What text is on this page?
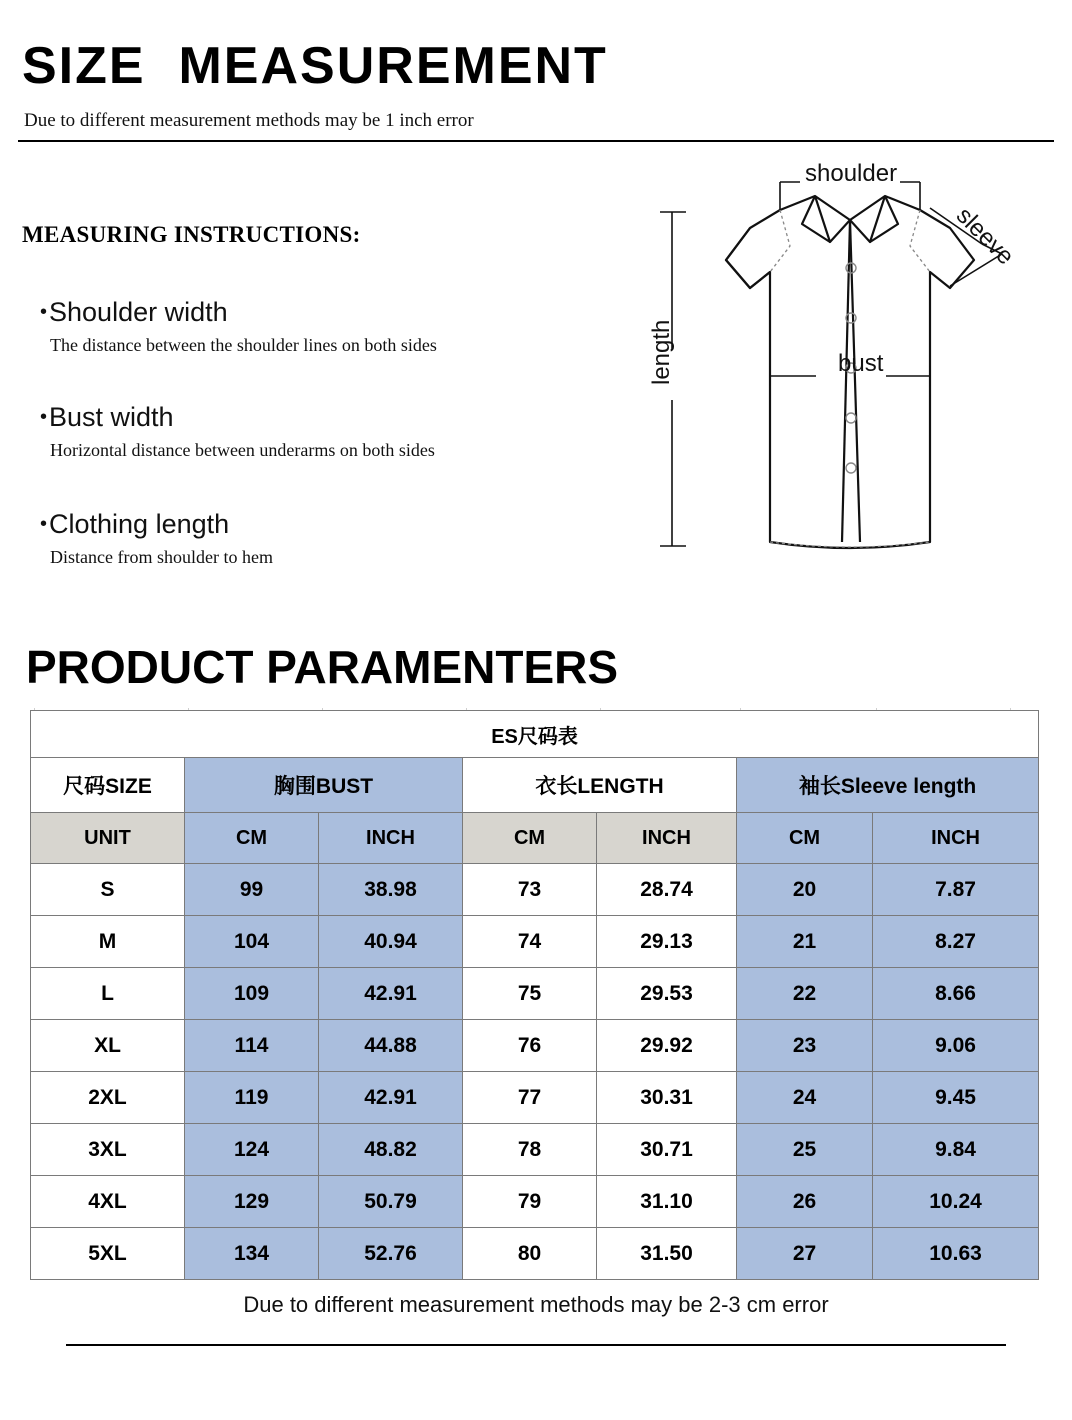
SIZE  MEASUREMENT
Due to different measurement methods may be 1 inch error
MEASURING INSTRUCTIONS:
• Shoulder width
The distance between the shoulder lines on both sides
• Bust width
Horizontal distance between underarms on both sides
• Clothing length
Distance from shoulder to hem
shoulder
sleeve
bust
length
PRODUCT PARAMENTERS
ES尺码表						
尺码SIZE	胸围BUST		衣长LENGTH		袖长Sleeve length	
UNIT	CM	INCH	CM	INCH	CM	INCH
S	99	38.98	73	28.74	20	7.87
M	104	40.94	74	29.13	21	8.27
L	109	42.91	75	29.53	22	8.66
XL	114	44.88	76	29.92	23	9.06
2XL	119	42.91	77	30.31	24	9.45
3XL	124	48.82	78	30.71	25	9.84
4XL	129	50.79	79	31.10	26	10.24
5XL	134	52.76	80	31.50	27	10.63
Due to different measurement methods may be 2-3 cm error
